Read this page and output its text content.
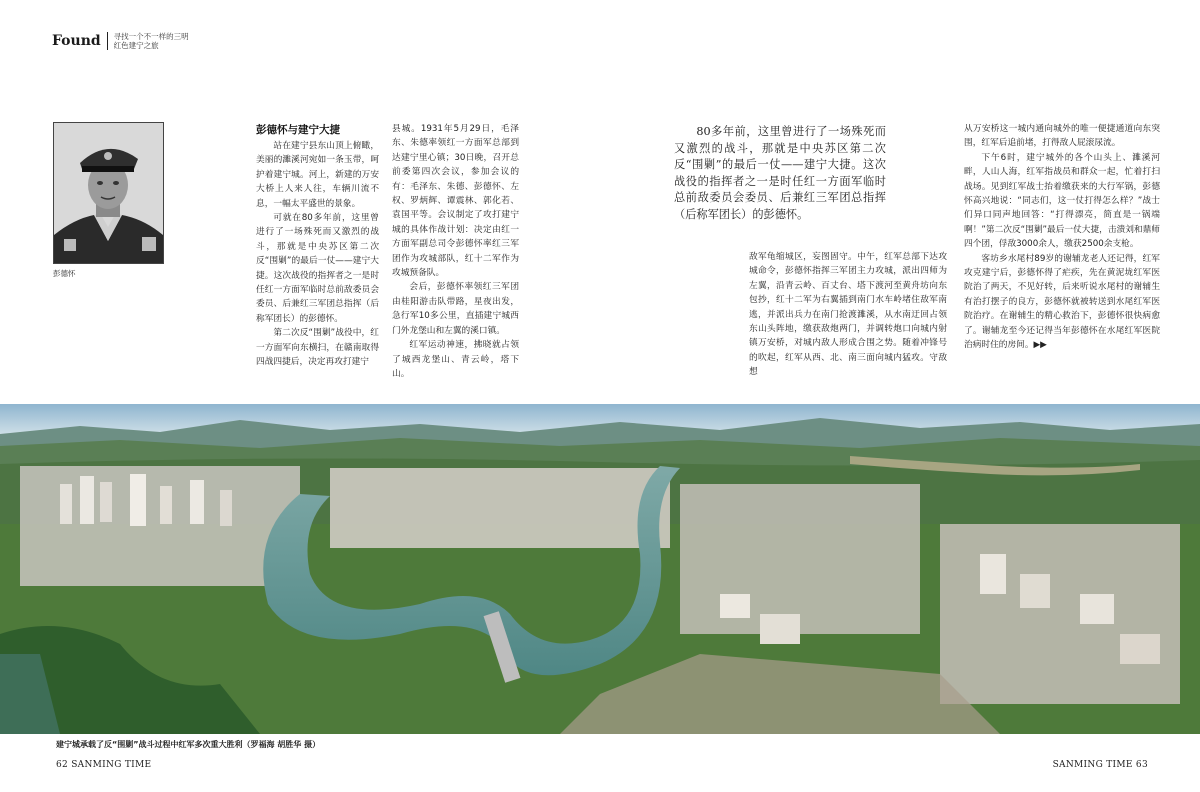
Found	寻找一个不一样的三明
红色建宁之旅
彭德怀
彭德怀与建宁大捷

站在建宁县东山顶上俯瞰，美丽的濉溪河宛如一条玉带，呵护着建宁城。河上，新建的万安大桥上人来人往，车辆川流不息，一幅太平盛世的景象。

可就在80多年前，这里曾进行了一场殊死而又激烈的战斗，那就是中央苏区第二次反“围剿”的最后一仗——建宁大捷。这次战役的指挥者之一是时任红一方面军临时总前敌委员会委员、后兼红三军团总指挥（后称军团长）的彭德怀。

第二次反“围剿”战役中，红一方面军向东横扫，在赣南取得四战四捷后，决定再攻打建宁

县城。1931年5月29日，毛泽东、朱德率领红一方面军总部到达建宁里心镇；30日晚，召开总前委第四次会议，参加会议的有：毛泽东、朱德、彭德怀、左权、罗炳辉、谭震林、郭化若、袁国平等。会议制定了攻打建宁城的具体作战计划：决定由红一方面军副总司令彭德怀率红三军团作为攻城部队，红十二军作为攻城预备队。

会后，彭德怀率领红三军团由桂阳游击队带路，星夜出发，急行军10多公里，直插建宁城西门外龙堡山和左翼的溪口镇。

红军运动神速，拂晓就占领了城西龙堡山、青云岭，塔下山。

80多年前，这里曾进行了一场殊死而又激烈的战斗，那就是中央苏区第二次反“围剿”的最后一仗——建宁大捷。这次战役的指挥者之一是时任红一方面军临时总前敌委员会委员、后兼红三军团总指挥（后称军团长）的彭德怀。

敌军龟缩城区，妄图固守。中午，红军总部下达攻城命令，彭德怀指挥三军团主力攻城，派出四师为左翼，沿青云岭、百丈台、塔下渡河至黄舟坊向东包抄，红十二军为右翼插到南门水车岭堵住敌军南逃，并派出兵力在南门抢渡濉溪，从水南迂回占领东山头阵地，缴获敌炮两门，并调转炮口向城内射镇万安桥，对城内敌人形成合围之势。随着冲锋号的吹起，红军从西、北、南三面向城内猛攻。守敌想

从万安桥这一城内通向城外的唯一便捷通道向东突围，红军后追前堵，打得敌人屁滚尿流。

下午6时，建宁城外的各个山头上、濉溪河畔，人山人海，红军指战员和群众一起，忙着打扫战场。见到红军战士抬着缴获来的大行军锅，彭德怀高兴地说：“同志们，这一仗打得怎么样？”战士们异口同声地回答：“打得漂亮，简直是一锅端啊！”第二次反“围剿”最后一仗大捷，击溃刘和鼎师四个团，俘敌3000余人，缴获2500余支枪。

客坊乡水尾村89岁的谢辅龙老人还记得，红军攻克建宁后，彭德怀得了疟疾，先在黄泥垅红军医院治了两天，不见好转，后来听说水尾村的谢辅生有治打摆子的良方，彭德怀就被转送到水尾红军医院治疗。在谢辅生的精心救治下，彭德怀很快病愈了。谢辅龙至今还记得当年彭德怀在水尾红军医院治病时住的房间。▶▶

建宁城承载了反“围剿”战斗过程中红军多次重大胜利（罗福海 胡胜华 摄）
62 SANMING TIME	SANMING TIME 63
